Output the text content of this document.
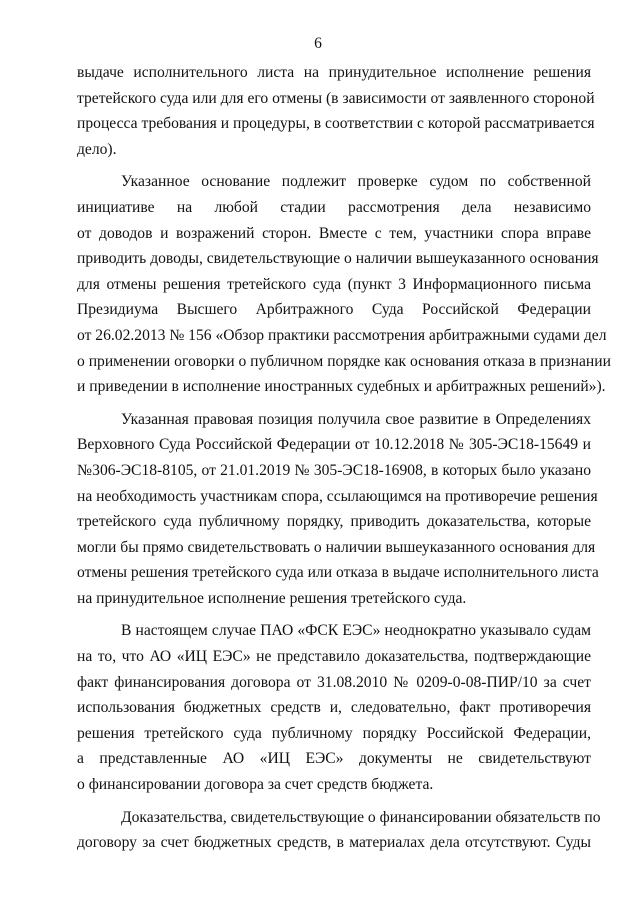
6
выдаче исполнительного листа на принудительное исполнение решения
третейского суда или для его отмены (в зависимости от заявленного стороной
процесса требования и процедуры, в соответствии с которой рассматривается
дело).
Указанное основание подлежит проверке судом по собственной
инициативе на любой стадии рассмотрения дела независимо
от доводов и возражений сторон. Вместе с тем, участники спора вправе
приводить доводы, свидетельствующие о наличии вышеуказанного основания
для отмены решения третейского суда (пункт 3 Информационного письма
Президиума Высшего Арбитражного Суда Российской Федерации
от 26.02.2013 № 156 «Обзор практики рассмотрения арбитражными судами дел
о применении оговорки о публичном порядке как основания отказа в признании
и приведении в исполнение иностранных судебных и арбитражных решений»).
Указанная правовая позиция получила свое развитие в Определениях
Верховного Суда Российской Федерации от 10.12.2018 № 305-ЭС18-15649 и
№306-ЭС18-8105, от 21.01.2019 № 305-ЭС18-16908, в которых было указано
на необходимость участникам спора, ссылающимся на противоречие решения
третейского суда публичному порядку, приводить доказательства, которые
могли бы прямо свидетельствовать о наличии вышеуказанного основания для
отмены решения третейского суда или отказа в выдаче исполнительного листа
на принудительное исполнение решения третейского суда.
В настоящем случае ПАО «ФСК ЕЭС» неоднократно указывало судам
на то, что АО «ИЦ ЕЭС» не представило доказательства, подтверждающие
факт финансирования договора от 31.08.2010 № 0209-0-08-ПИР/10 за счет
использования бюджетных средств и, следовательно, факт противоречия
решения третейского суда публичному порядку Российской Федерации,
а представленные АО «ИЦ ЕЭС» документы не свидетельствуют
о финансировании договора за счет средств бюджета.
Доказательства, свидетельствующие о финансировании обязательств по
договору за счет бюджетных средств, в материалах дела отсутствуют. Суды
